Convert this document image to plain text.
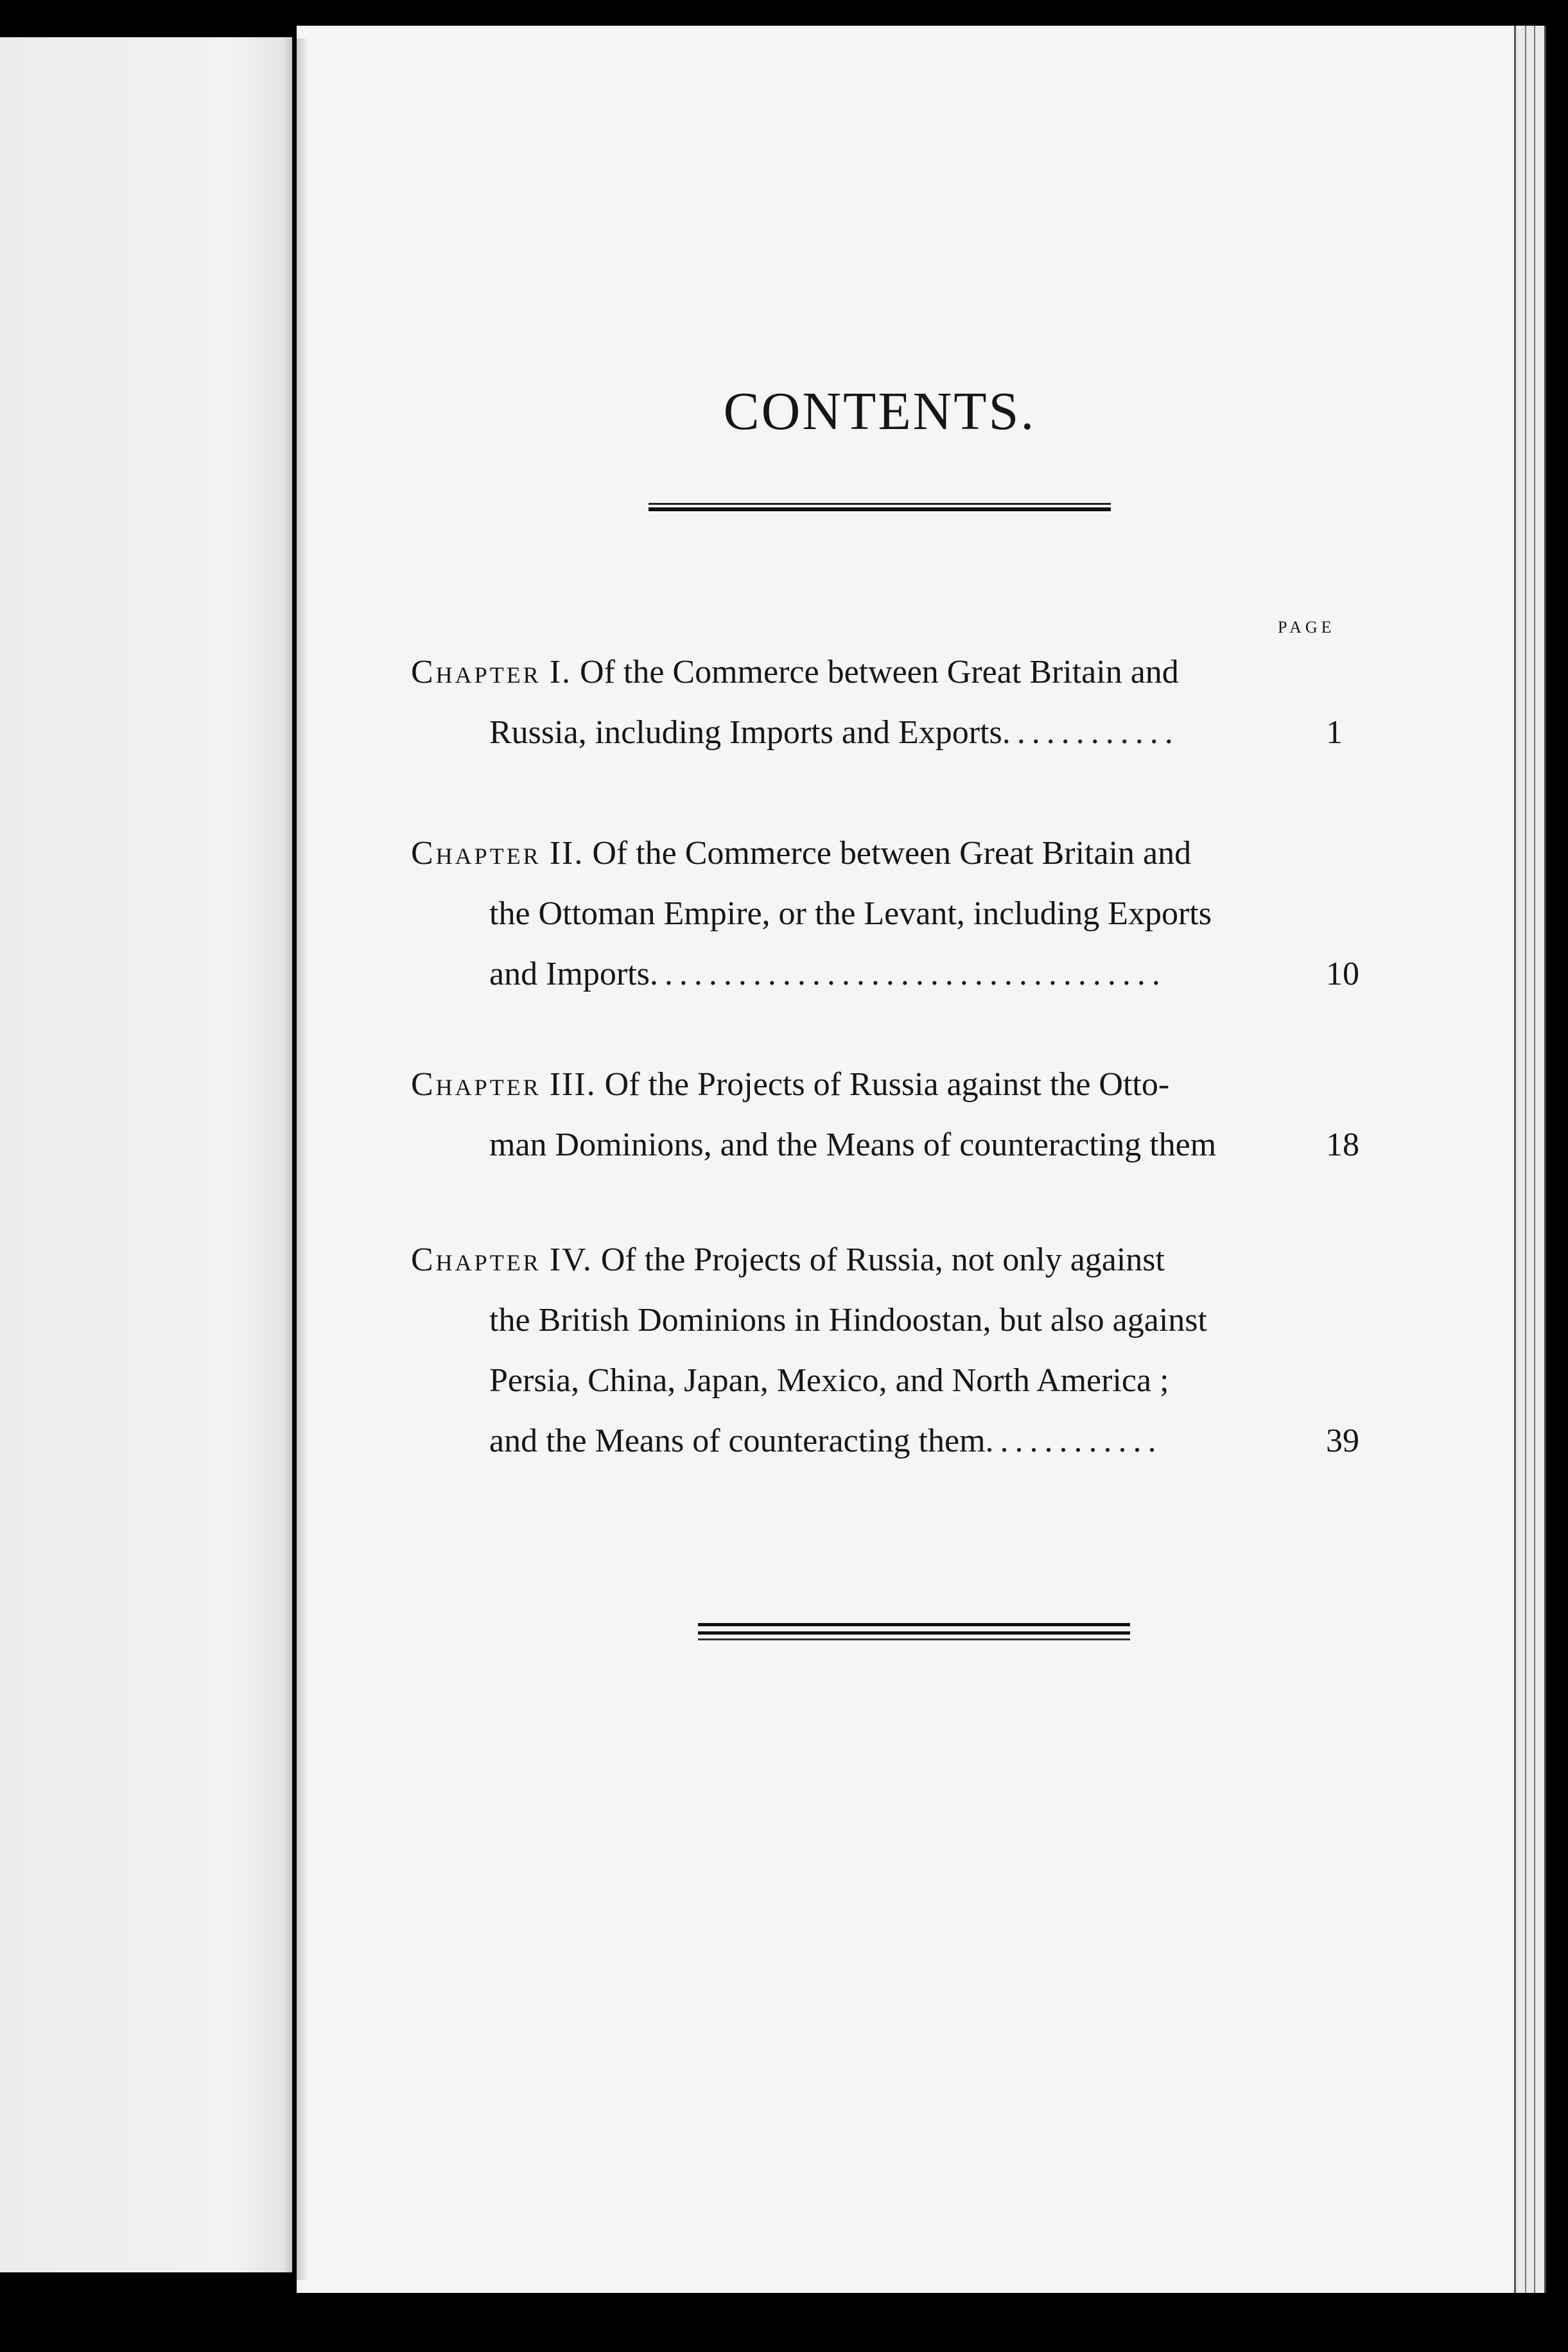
CONTENTS.
PAGE
Chapter I. Of the Commerce between Great Britain and
Russia, including Imports and Exports............	1
Chapter II. Of the Commerce between Great Britain and
the Ottoman Empire, or the Levant, including Exports
and Imports...................................	10
Chapter III. Of the Projects of Russia against the Otto-
man Dominions, and the Means of counteracting them	18
Chapter IV. Of the Projects of Russia, not only against
the British Dominions in Hindoostan, but also against
Persia, China, Japan, Mexico, and North America ;
and the Means of counteracting them............	39
